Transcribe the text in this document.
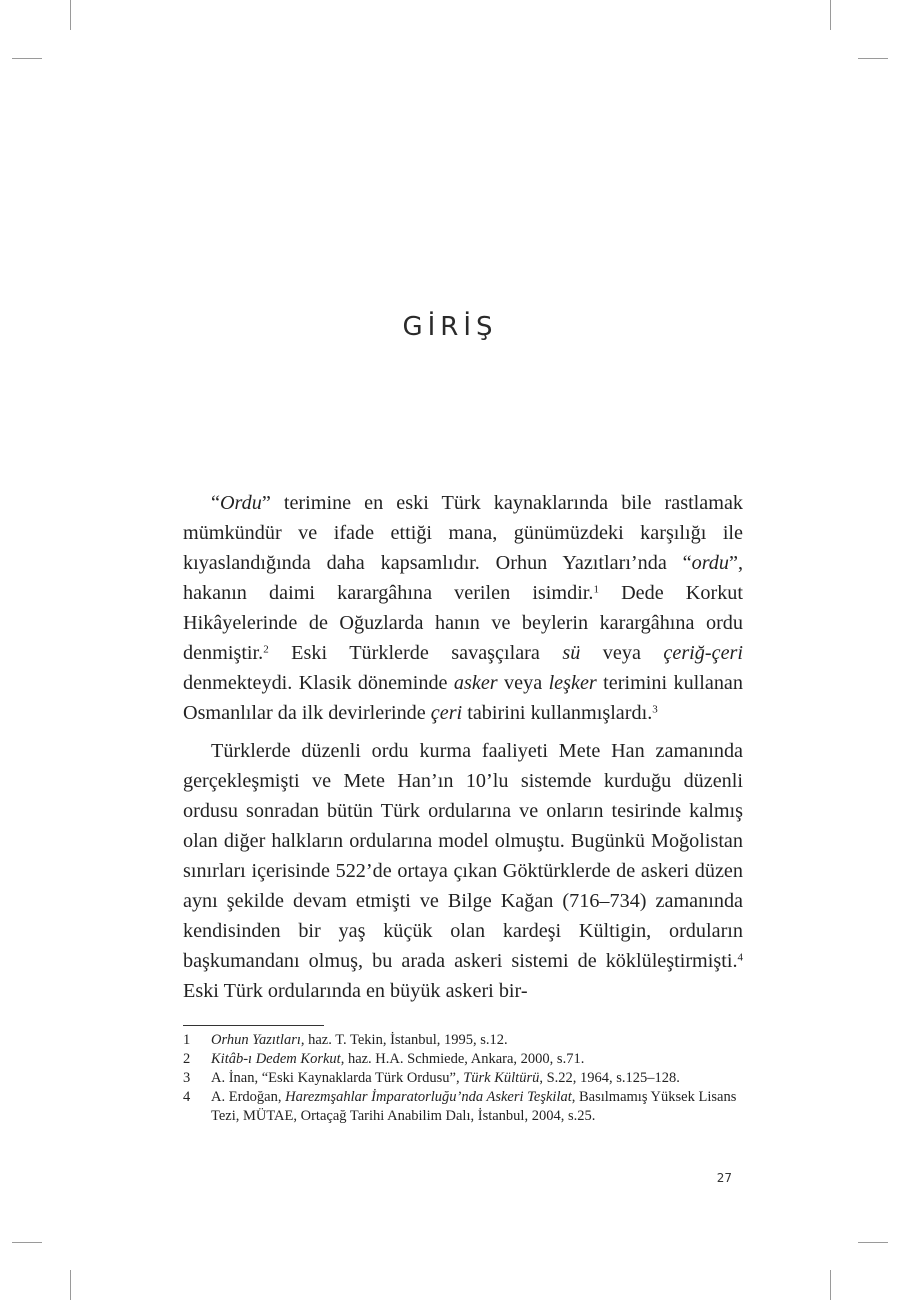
GİRİŞ

“Ordu” terimine en eski Türk kaynaklarında bile rastlamak mümkündür ve ifade ettiği mana, günümüzdeki karşılığı ile kıyaslandığında daha kapsamlıdır. Orhun Yazıtları’nda “ordu”, hakanın daimi karargâhına verilen isimdir.$^1$ Dede Korkut Hikâyelerinde de Oğuzlarda hanın ve beylerin karargâhına ordu denmiştir.$^2$ Eski Türklerde savaşçılara sü veya çeriğ-çeri denmekteydi. Klasik döneminde asker veya leşker terimini kullanan Osmanlılar da ilk devirlerinde çeri tabirini kullanmışlardı.$^3$

Türklerde düzenli ordu kurma faaliyeti Mete Han zamanında gerçekleşmişti ve Mete Han’ın 10’lu sistemde kurduğu düzenli ordusu sonradan bütün Türk ordularına ve onların tesirinde kalmış olan diğer halkların ordularına model olmuştu. Bugünkü Moğolistan sınırları içerisinde 522’de ortaya çıkan Göktürklerde de askeri düzen aynı şekilde devam etmişti ve Bilge Kağan (716–734) zamanında kendisinden bir yaş küçük olan kardeşi Kültigin, orduların başkumandanı olmuş, bu arada askeri sistemi de köklüleştirmişti.$^4$ Eski Türk ordularında en büyük askeri bir-

1	Orhun Yazıtları, haz. T. Tekin, İstanbul, 1995, s.12.
2	Kitâb-ı Dedem Korkut, haz. H.A. Schmiede, Ankara, 2000, s.71.
3	A. İnan, “Eski Kaynaklarda Türk Ordusu”, Türk Kültürü, S.22, 1964, s.125–128.
4	A. Erdoğan, Harezmşahlar İmparatorluğu’nda Askeri Teşkilat, Basılmamış Yüksek Lisans Tezi, MÜTAE, Ortaçağ Tarihi Anabilim Dalı, İstanbul, 2004, s.25.
27
